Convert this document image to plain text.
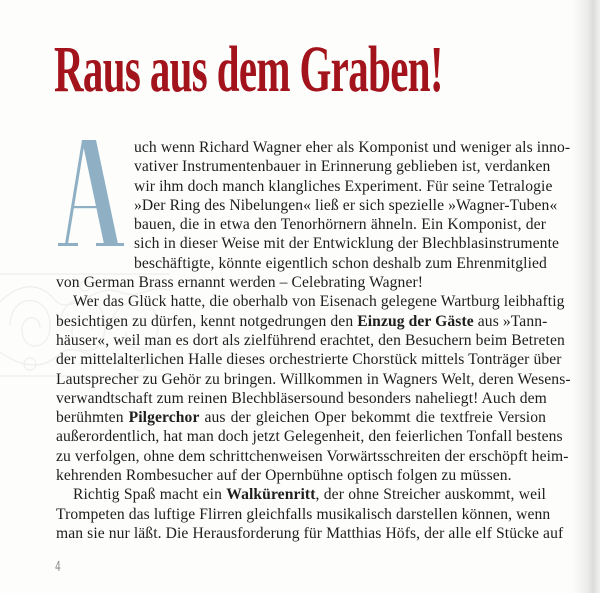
Raus aus dem Graben!
uch wenn Richard Wagner eher als Komponist und weniger als inno-
vativer Instrumentenbauer in Erinnerung geblieben ist, verdanken
wir ihm doch manch klangliches Experiment. Für seine Tetralogie
»Der Ring des Nibelungen« ließ er sich spezielle »Wagner-Tuben«
bauen, die in etwa den Tenorhörnern ähneln. Ein Komponist, der
sich in dieser Weise mit der Entwicklung der Blechblasinstrumente
beschäftigte, könnte eigentlich schon deshalb zum Ehrenmitglied
von German Brass ernannt werden – Celebrating Wagner!
Wer das Glück hatte, die oberhalb von Eisenach gelegene Wartburg leibhaftig
besichtigen zu dürfen, kennt notgedrungen den Einzug der Gäste aus »Tann-
häuser«, weil man es dort als zielführend erachtet, den Besuchern beim Betreten
der mittelalterlichen Halle dieses orchestrierte Chorstück mittels Tonträger über
Lautsprecher zu Gehör zu bringen. Willkommen in Wagners Welt, deren Wesens-
verwandtschaft zum reinen Blechbläsersound besonders naheliegt! Auch dem
berühmten Pilgerchor aus der gleichen Oper bekommt die textfreie Version
außerordentlich, hat man doch jetzt Gelegenheit, den feierlichen Tonfall bestens
zu verfolgen, ohne dem schrittchenweisen Vorwärtsschreiten der erschöpft heim-
kehrenden Rombesucher auf der Opernbühne optisch folgen zu müssen.
Richtig Spaß macht ein Walkürenritt, der ohne Streicher auskommt, weil
Trompeten das luftige Flirren gleichfalls musikalisch darstellen können, wenn
man sie nur läßt. Die Herausforderung für Matthias Höfs, der alle elf Stücke auf
4
